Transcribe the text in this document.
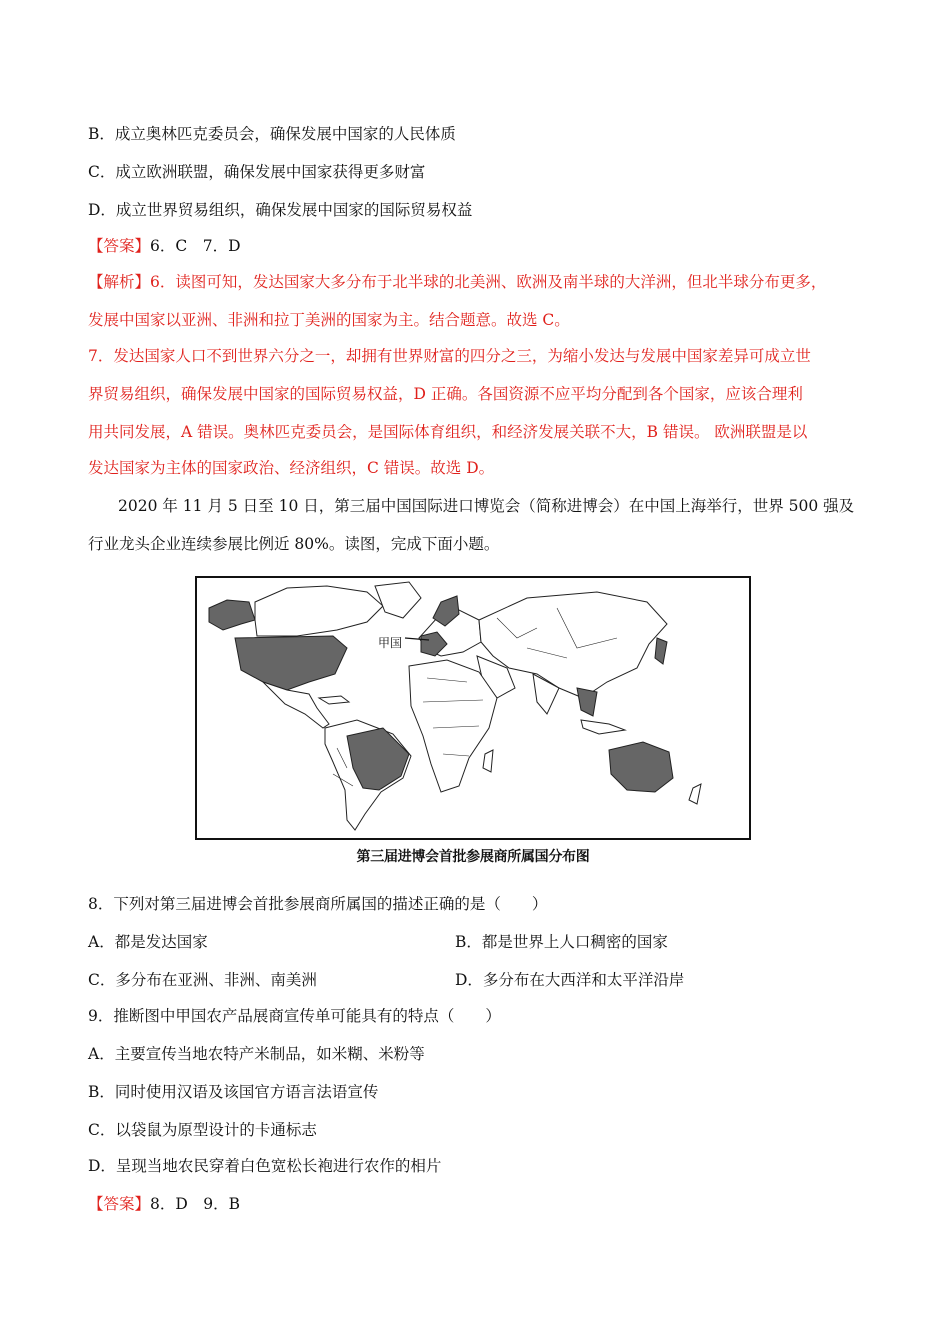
B．成立奥林匹克委员会，确保发展中国家的人民体质
C．成立欧洲联盟，确保发展中国家获得更多财富
D．成立世界贸易组织，确保发展中国家的国际贸易权益
【答案】6．C　7．D
【解析】6．读图可知，发达国家大多分布于北半球的北美洲、欧洲及南半球的大洋洲，但北半球分布更多，
发展中国家以亚洲、非洲和拉丁美洲的国家为主。结合题意。故选 C。
7．发达国家人口不到世界六分之一，却拥有世界财富的四分之三，为缩小发达与发展中国家差异可成立世
界贸易组织，确保发展中国家的国际贸易权益，D 正确。各国资源不应平均分配到各个国家，应该合理利
用共同发展，A 错误。奥林匹克委员会，是国际体育组织，和经济发展关联不大，B 错误。 欧洲联盟是以
发达国家为主体的国家政治、经济组织，C 错误。故选 D。
2020 年 11 月 5 日至 10 日，第三届中国国际进口博览会（简称进博会）在中国上海举行，世界 500 强及
行业龙头企业连续参展比例近 80%。读图，完成下面小题。
甲国
第三届进博会首批参展商所属国分布图
8．下列对第三届进博会首批参展商所属国的描述正确的是（　　）
A．都是发达国家	B．都是世界上人口稠密的国家
C．多分布在亚洲、非洲、南美洲	D．多分布在大西洋和太平洋沿岸
9．推断图中甲国农产品展商宣传单可能具有的特点（　　）
A．主要宣传当地农特产米制品，如米糊、米粉等
B．同时使用汉语及该国官方语言法语宣传
C．以袋鼠为原型设计的卡通标志
D．呈现当地农民穿着白色宽松长袍进行农作的相片
【答案】8．D　9．B
